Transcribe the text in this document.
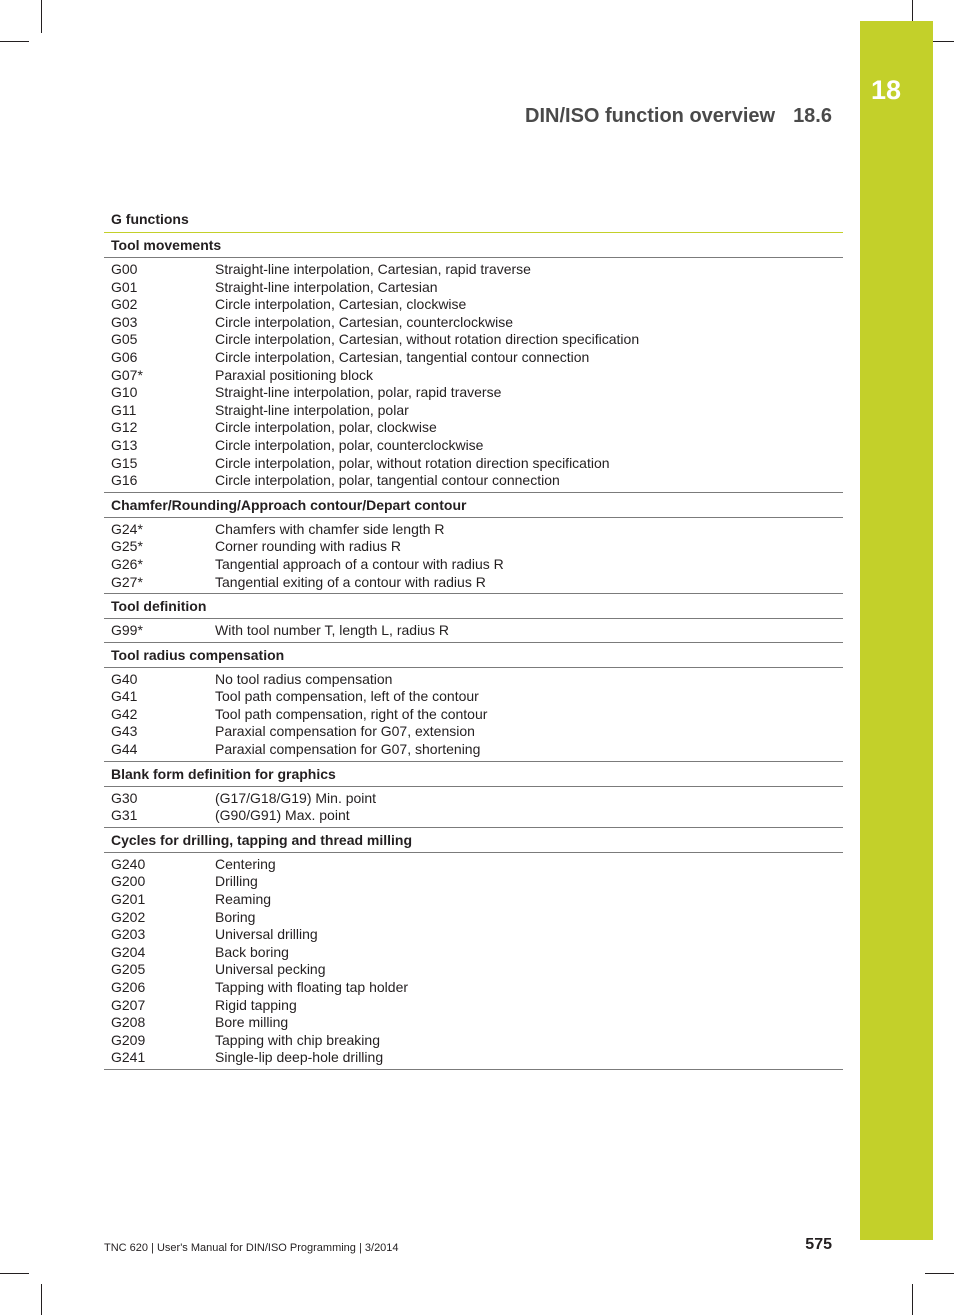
18
DIN/ISO function overview 18.6
G functions
Tool movements
G00	Straight-line interpolation, Cartesian, rapid traverse
G01	Straight-line interpolation, Cartesian
G02	Circle interpolation, Cartesian, clockwise
G03	Circle interpolation, Cartesian, counterclockwise
G05	Circle interpolation, Cartesian, without rotation direction specification
G06	Circle interpolation, Cartesian, tangential contour connection
G07*	Paraxial positioning block
G10	Straight-line interpolation, polar, rapid traverse
G11	Straight-line interpolation, polar
G12	Circle interpolation, polar, clockwise
G13	Circle interpolation, polar, counterclockwise
G15	Circle interpolation, polar, without rotation direction specification
G16	Circle interpolation, polar, tangential contour connection
Chamfer/Rounding/Approach contour/Depart contour
G24*	Chamfers with chamfer side length R
G25*	Corner rounding with radius R
G26*	Tangential approach of a contour with radius R
G27*	Tangential exiting of a contour with radius R
Tool definition
G99*	With tool number T, length L, radius R
Tool radius compensation
G40	No tool radius compensation
G41	Tool path compensation, left of the contour
G42	Tool path compensation, right of the contour
G43	Paraxial compensation for G07, extension
G44	Paraxial compensation for G07, shortening
Blank form definition for graphics
G30	(G17/G18/G19) Min. point
G31	(G90/G91) Max. point
Cycles for drilling, tapping and thread milling
G240	Centering
G200	Drilling
G201	Reaming
G202	Boring
G203	Universal drilling
G204	Back boring
G205	Universal pecking
G206	Tapping with floating tap holder
G207	Rigid tapping
G208	Bore milling
G209	Tapping with chip breaking
G241	Single-lip deep-hole drilling
TNC 620 | User's Manual for DIN/ISO Programming | 3/2014	575
